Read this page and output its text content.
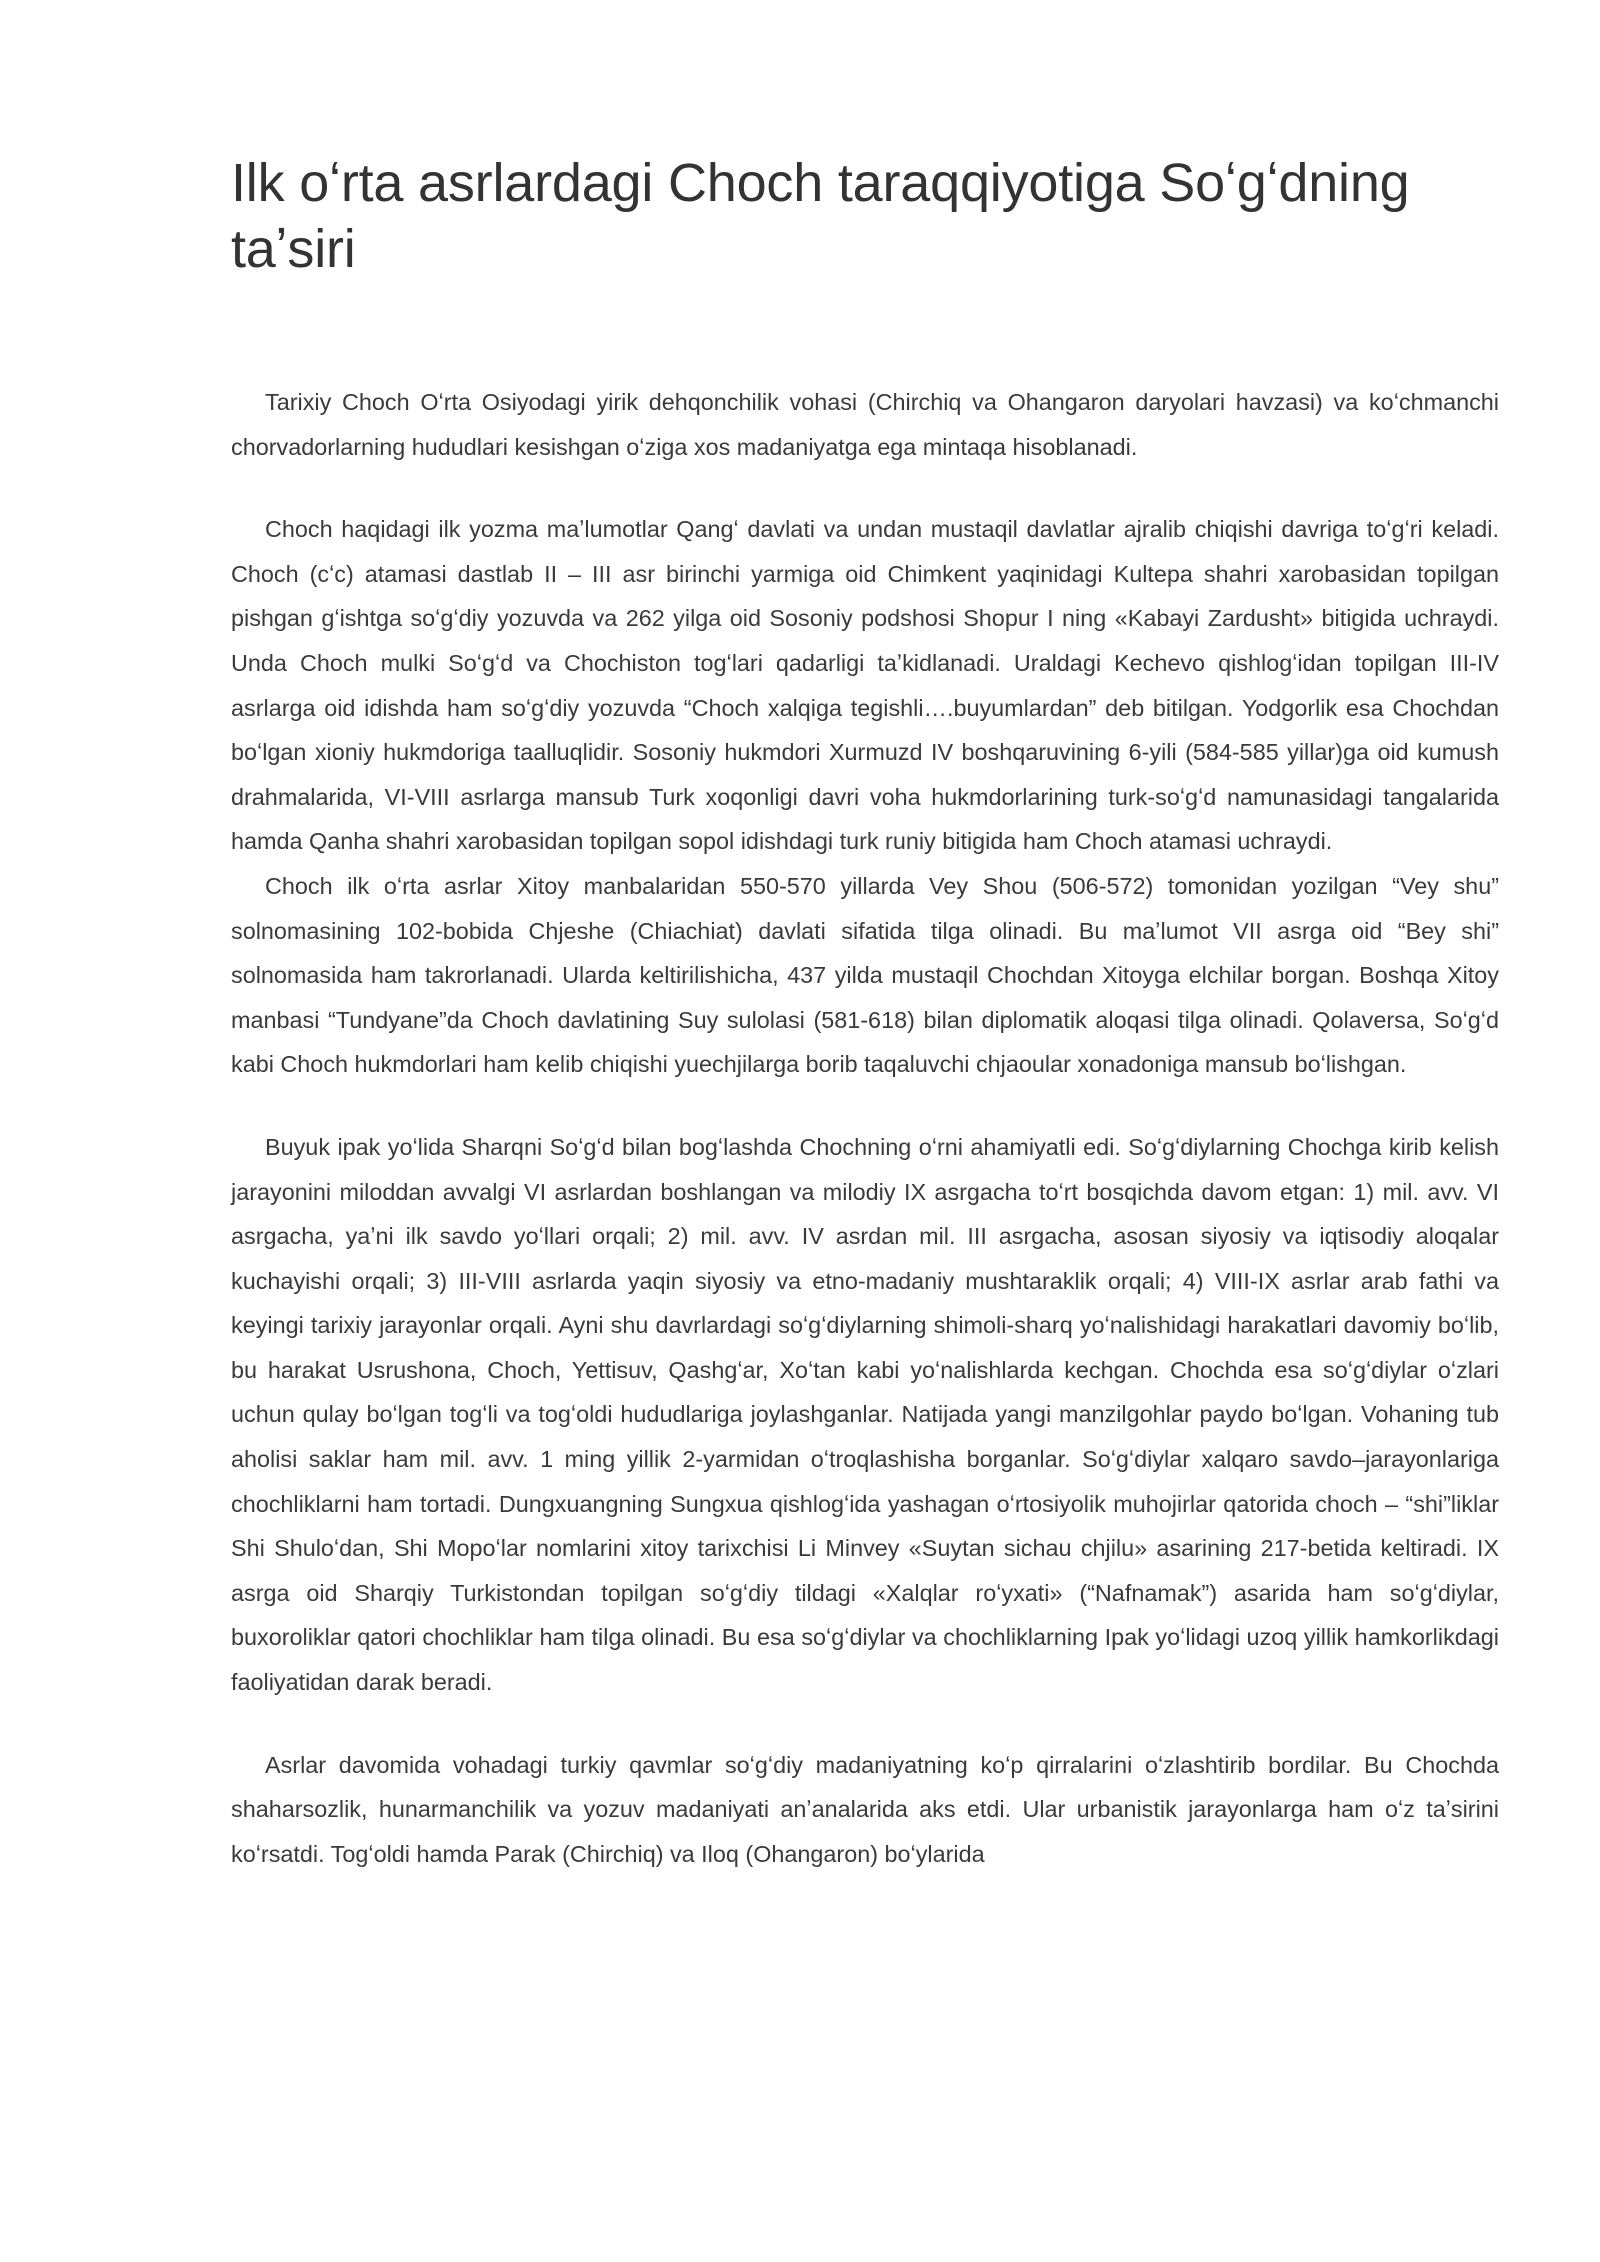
Ilk oʻrta asrlardagi Choch taraqqiyotiga Soʻgʻdning taʼsiri

Tarixiy Choch Oʻrta Osiyodagi yirik dehqonchilik vohasi (Chirchiq va Ohangaron daryolari havzasi) va koʻchmanchi chorvadorlarning hududlari kesishgan oʻziga xos madaniyatga ega mintaqa hisoblanadi.

Choch haqidagi ilk yozma maʼlumotlar Qangʻ davlati va undan mustaqil davlatlar ajralib chiqishi davriga toʻgʻri keladi. Choch (cʻc) atamasi dastlab II – III asr birinchi yarmiga oid Chimkent yaqinidagi Kultepa shahri xarobasidan topilgan pishgan gʻishtga soʻgʻdiy yozuvda va 262 yilga oid Sosoniy podshosi Shopur I ning «Kabayi Zardusht» bitigida uchraydi. Unda Choch mulki Soʻgʻd va Chochiston togʻlari qadarligi taʼkidlanadi. Uraldagi Kechevo qishlogʻidan topilgan III-IV asrlarga oid idishda ham soʻgʻdiy yozuvda “Choch xalqiga tegishli….buyumlardan” deb bitilgan. Yodgorlik esa Chochdan boʻlgan xioniy hukmdoriga taalluqlidir. Sosoniy hukmdori Xurmuzd IV boshqaruvining 6-yili (584-585 yillar)ga oid kumush drahmalarida, VI-VIII asrlarga mansub Turk xoqonligi davri voha hukmdorlarining turk-soʻgʻd namunasidagi tangalarida hamda Qanha shahri xarobasidan topilgan sopol idishdagi turk runiy bitigida ham Choch atamasi uchraydi.

Choch ilk oʻrta asrlar Xitoy manbalaridan 550-570 yillarda Vey Shou (506-572) tomonidan yozilgan “Vey shu” solnomasining 102-bobida Chjeshe (Chiachiat) davlati sifatida tilga olinadi. Bu maʼlumot VII asrga oid “Bey shi” solnomasida ham takrorlanadi. Ularda keltirilishicha, 437 yilda mustaqil Chochdan Xitoyga elchilar borgan. Boshqa Xitoy manbasi “Tundyane”da Choch davlatining Suy sulolasi (581-618) bilan diplomatik aloqasi tilga olinadi. Qolaversa, Soʻgʻd kabi Choch hukmdorlari ham kelib chiqishi yuechjilarga borib taqaluvchi chjaoular xonadoniga mansub boʻlishgan.

Buyuk ipak yoʻlida Sharqni Soʻgʻd bilan bogʻlashda Chochning oʻrni ahamiyatli edi. Soʻgʻdiylarning Chochga kirib kelish jarayonini miloddan avvalgi VI asrlardan boshlangan va milodiy IX asrgacha toʻrt bosqichda davom etgan: 1) mil. avv. VI asrgacha, yaʼni ilk savdo yoʻllari orqali; 2) mil. avv. IV asrdan mil. III asrgacha, asosan siyosiy va iqtisodiy aloqalar kuchayishi orqali; 3) III-VIII asrlarda yaqin siyosiy va etno-madaniy mushtaraklik orqali; 4) VIII-IX asrlar arab fathi va keyingi tarixiy jarayonlar orqali. Ayni shu davrlardagi soʻgʻdiylarning shimoli-sharq yoʻnalishidagi harakatlari davomiy boʻlib, bu harakat Usrushona, Choch, Yettisuv, Qashgʻar, Xoʻtan kabi yoʻnalishlarda kechgan. Chochda esa soʻgʻdiylar oʻzlari uchun qulay boʻlgan togʻli va togʻoldi hududlariga joylashganlar. Natijada yangi manzilgohlar paydo boʻlgan. Vohaning tub aholisi saklar ham mil. avv. 1 ming yillik 2-yarmidan oʻtroqlashisha borganlar. Soʻgʻdiylar xalqaro savdo–jarayonlariga chochliklarni ham tortadi. Dungxuangning Sungxua qishlogʻida yashagan oʻrtosiyolik muhojirlar qatorida choch – “shi”liklar Shi Shuloʻdan, Shi Mopoʻlar nomlarini xitoy tarixchisi Li Minvey «Suytan sichau chjilu» asarining 217-betida keltiradi. IX asrga oid Sharqiy Turkistondan topilgan soʻgʻdiy tildagi «Xalqlar roʻyxati» (“Nafnamak”) asarida ham soʻgʻdiylar, buxoroliklar qatori chochliklar ham tilga olinadi. Bu esa soʻgʻdiylar va chochliklarning Ipak yoʻlidagi uzoq yillik hamkorlikdagi faoliyatidan darak beradi.

Asrlar davomida vohadagi turkiy qavmlar soʻgʻdiy madaniyatning koʻp qirralarini oʻzlashtirib bordilar. Bu Chochda shaharsozlik, hunarmanchilik va yozuv madaniyati anʼanalarida aks etdi. Ular urbanistik jarayonlarga ham oʻz taʼsirini koʻrsatdi. Togʻoldi hamda Parak (Chirchiq) va Iloq (Ohangaron) boʻylarida
